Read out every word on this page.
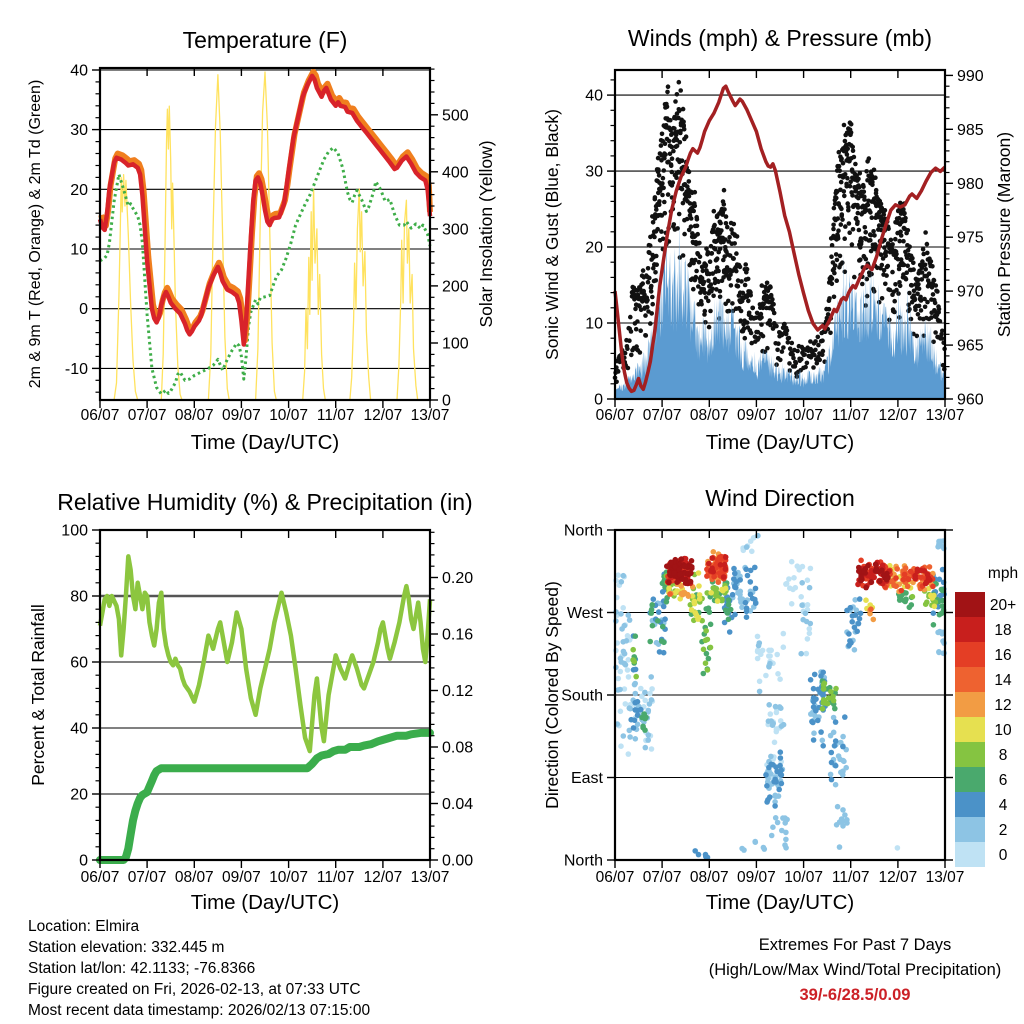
06/07 07/07 08/07 09/07 10/07 11/07 12/07 13/07
-10
0
10
20
30
40
2m & 9m T (Red, Orange) & 2m Td (Green)
0
100
200
300
400
500
Solar Insolation (Yellow)
Temperature (F)
Time (Day/UTC)
06/07 07/07 08/07 09/07 10/07 11/07 12/07 13/07
0
10
20
30
40
Sonic Wind & Gust (Blue, Black)
960
965
970
975
980
985
990
Station Pressure (Maroon)
Winds (mph) & Pressure (mb)
Time (Day/UTC)
06/07 07/07 08/07 09/07 10/07 11/07 12/07 13/07
0
20
40
60
80
100
Percent & Total Rainfall
0.00
0.04
0.08
0.12
0.16
0.20
Relative Humidity (%) & Precipitation (in)
Time (Day/UTC)
06/07 07/07 08/07 09/07 10/07 11/07 12/07 13/07
North
West
South
East
North
Direction (Colored By Speed)
Wind Direction
Time (Day/UTC)
mph
20+
18
16
14
12
10
8
6
4
2
0
Location: Elmira
Station elevation: 332.445 m
Station lat/lon: 42.1133; -76.8366
Figure created on Fri, 2026-02-13, at 07:33 UTC
Most recent data timestamp: 2026/02/13 07:15:00
Extremes For Past 7 Days
(High/Low/Max Wind/Total Precipitation)
39/-6/28.5/0.09
